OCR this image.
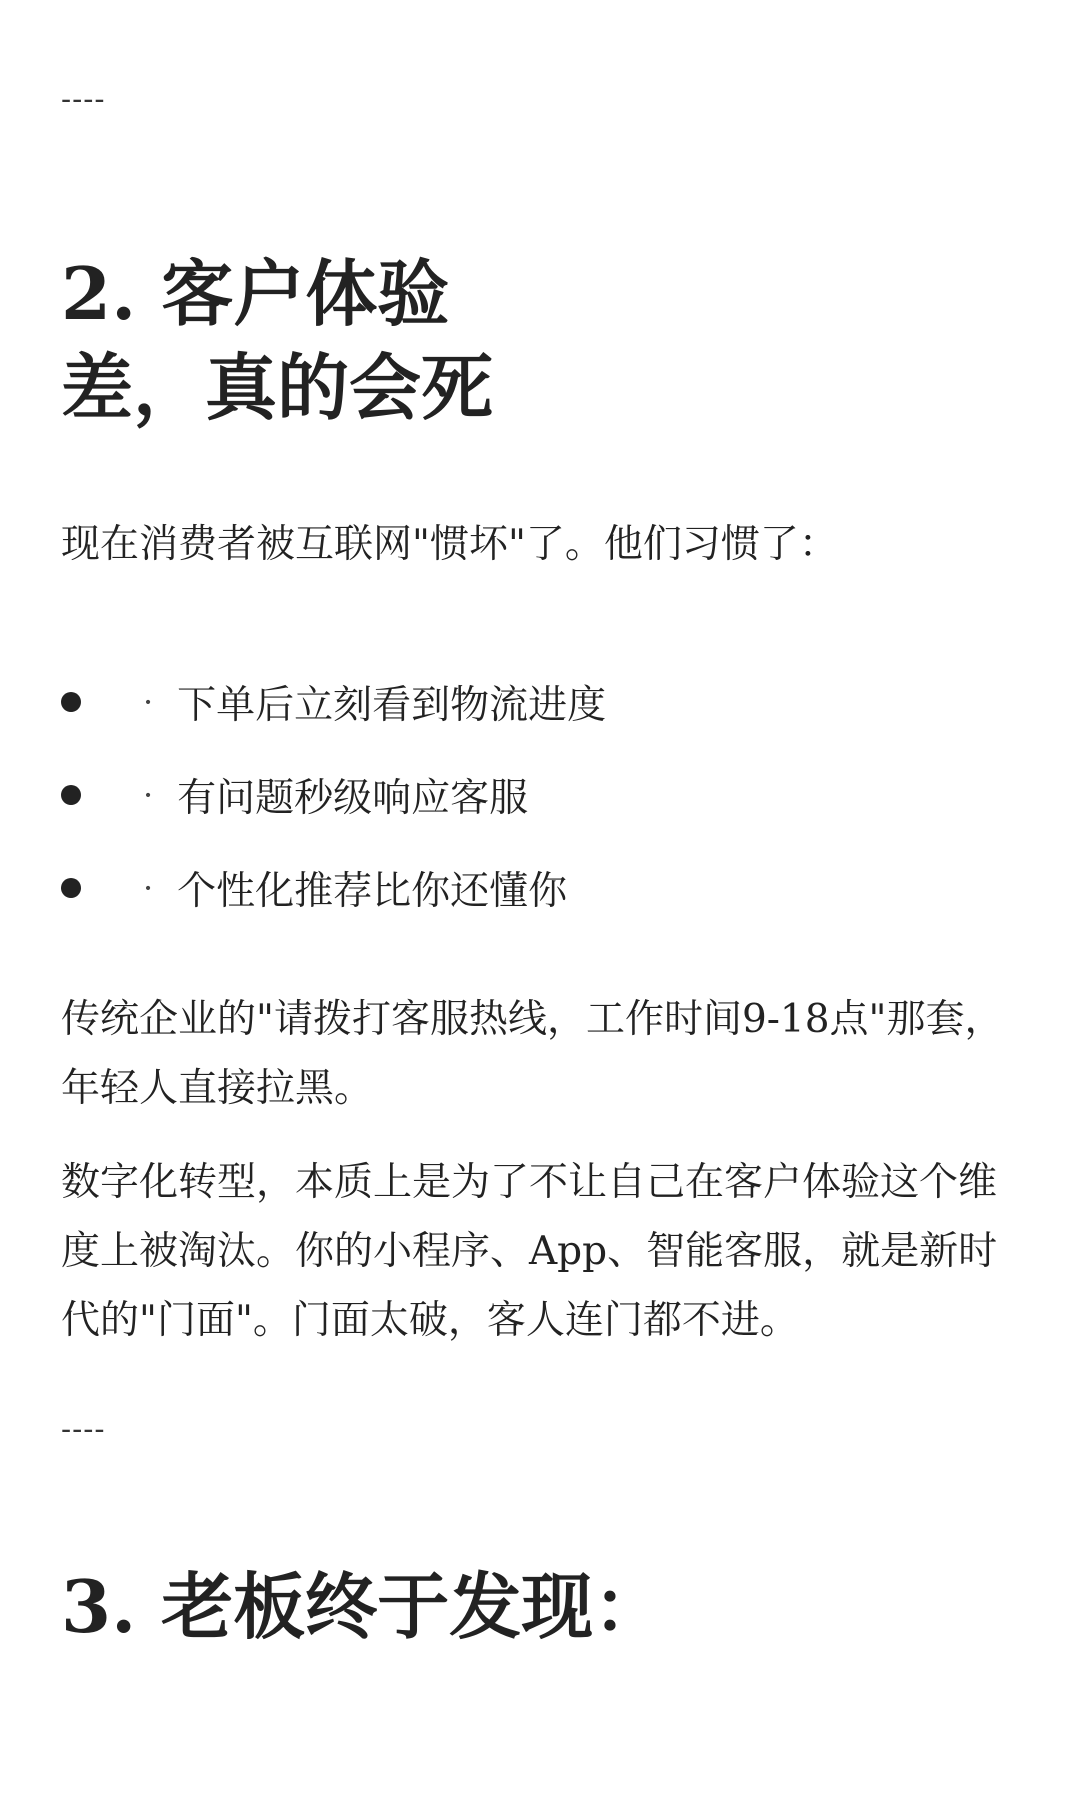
----
2. 客户体验
差，真的会死

现在消费者被互联网"惯坏"了。他们习惯了：

· 下单后立刻看到物流进度
· 有问题秒级响应客服
· 个性化推荐比你还懂你

传统企业的"请拨打客服热线，工作时间9-18点"那套，年轻人直接拉黑。

数字化转型，本质上是为了不让自己在客户体验这个维度上被淘汰。你的小程序、App、智能客服，就是新时代的"门面"。门面太破，客人连门都不进。

----
3. 老板终于发现：
